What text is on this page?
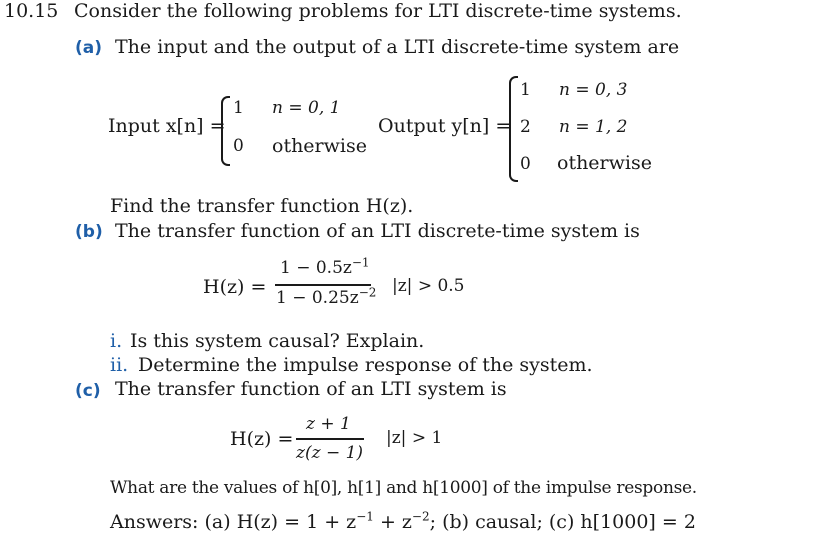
10.15 Consider the following problems for LTI discrete-time systems.
(a) The input and the output of a LTI discrete-time system are
Input x[n] =
1 n = 0, 1
0 otherwise
Output y[n] =
1 n = 0, 3
2 n = 1, 2
0 otherwise
Find the transfer function H(z).
(b) The transfer function of an LTI discrete-time system is
H(z) =
$1 - 0.5z^{-1}$
$1 - 0.25z^{-2}$ |z| > 0.5
i. Is this system causal? Explain.
ii. Determine the impulse response of the system.
(c) The transfer function of an LTI system is
H(z) =
z + 1
z(z − 1)
|z| > 1
What are the values of h[0], h[1] and h[1000] of the impulse response.
Answers: (a) $H(z) = 1 + z^{-1} + z^{-2}$; (b) causal; (c) h[1000] = 2
